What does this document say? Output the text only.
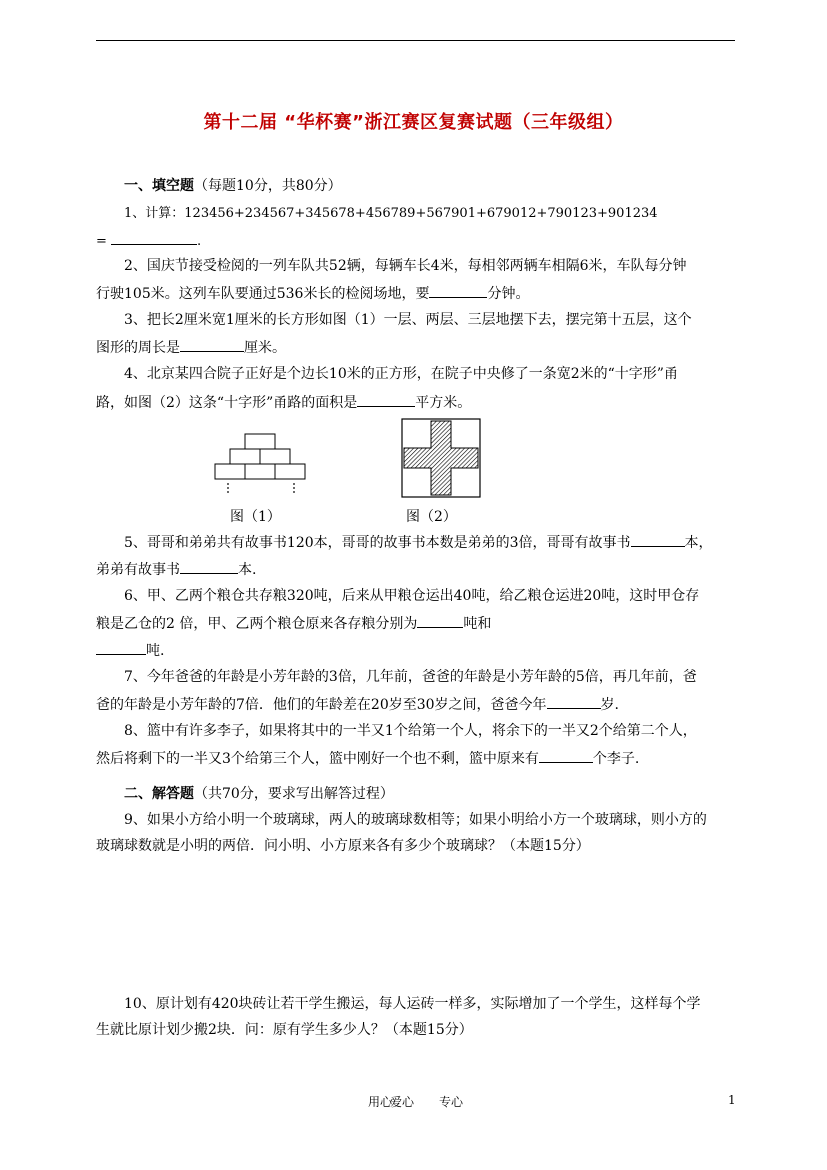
第十二届 “华杯赛”浙江赛区复赛试题（三年级组）
一、填空题（每题10分，共80分）
1、计算：123456+234567+345678+456789+567901+679012+790123+901234
=	.
2、国庆节接受检阅的一列车队共52辆，每辆车长4米，每相邻两辆车相隔6米，车队每分钟
行驶105米。这列车队要通过536米长的检阅场地，要	分钟。
3、把长2厘米宽1厘米的长方形如图（1）一层、两层、三层地摆下去，摆完第十五层，这个
图形的周长是	厘米。
4、北京某四合院子正好是个边长10米的正方形，在院子中央修了一条宽2米的“十字形”甬
路，如图（2）这条“十字形”甬路的面积是	平方米。
图（1）	图（2）
5、哥哥和弟弟共有故事书120本，哥哥的故事书本数是弟弟的3倍，哥哥有故事书	本，
弟弟有故事书	本.
6、甲、乙两个粮仓共存粮320吨，后来从甲粮仓运出40吨，给乙粮仓运进20吨，这时甲仓存
粮是乙仓的2 倍，甲、乙两个粮仓原来各存粮分别为	吨和
吨.
7、今年爸爸的年龄是小芳年龄的3倍，几年前，爸爸的年龄是小芳年龄的5倍，再几年前，爸
爸的年龄是小芳年龄的7倍．他们的年龄差在20岁至30岁之间，爸爸今年	岁.
8、篮中有许多李子，如果将其中的一半又1个给第一个人，将余下的一半又2个给第二个人，
然后将剩下的一半又3个给第三个人，篮中刚好一个也不剩，篮中原来有	个李子.
二、解答题（共70分，要求写出解答过程）
9、如果小方给小明一个玻璃球，两人的玻璃球数相等；如果小明给小方一个玻璃球，则小方的
玻璃球数就是小明的两倍．问小明、小方原来各有多少个玻璃球？（本题15分）
10、原计划有420块砖让若干学生搬运，每人运砖一样多，实际增加了一个学生，这样每个学
生就比原计划少搬2块．问：原有学生多少人？（本题15分）
用心
爱心 专心	1
